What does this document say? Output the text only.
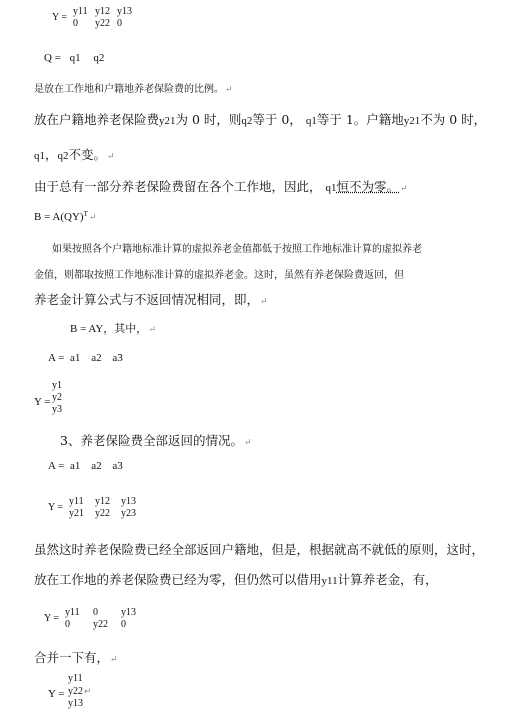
Y =y11 y12 y13
0 y22 0
Q = q1 q2
是放在工作地和户籍地养老保险费的比例。↵
放在户籍地养老保险费y21为 0 时，则q2等于 0， q1等于 1。户籍地y21不为 0 时，
q1，q2不变。↵
由于总有一部分养老保险费留在各个工作地，因此， q1恒不为零。↵
B = A(QY)$^T$↵
如果按照各个户籍地标准计算的虚拟养老金值都低于按照工作地标准计算的虚拟养老
金值，则都取按照工作地标准计算的虚拟养老金。这时，虽然有养老保险费返回，但
养老金计算公式与不返回情况相同，即，↵
B = AY，其中，↵
A = a1 a2 a3
Y =
y1
y2
y3
3、养老保险费全部返回的情况。↵
A = a1 a2 a3
Y =y11 y12 y13
y21 y22 y23
虽然这时养老保险费已经全部返回户籍地，但是，根据就高不就低的原则，这时，
放在工作地的养老保险费已经为零，但仍然可以借用y11计算养老金，有，
Y =y11 0 y13
0 y22 0
合并一下有，↵
Y =
y11
y22↵
y13
